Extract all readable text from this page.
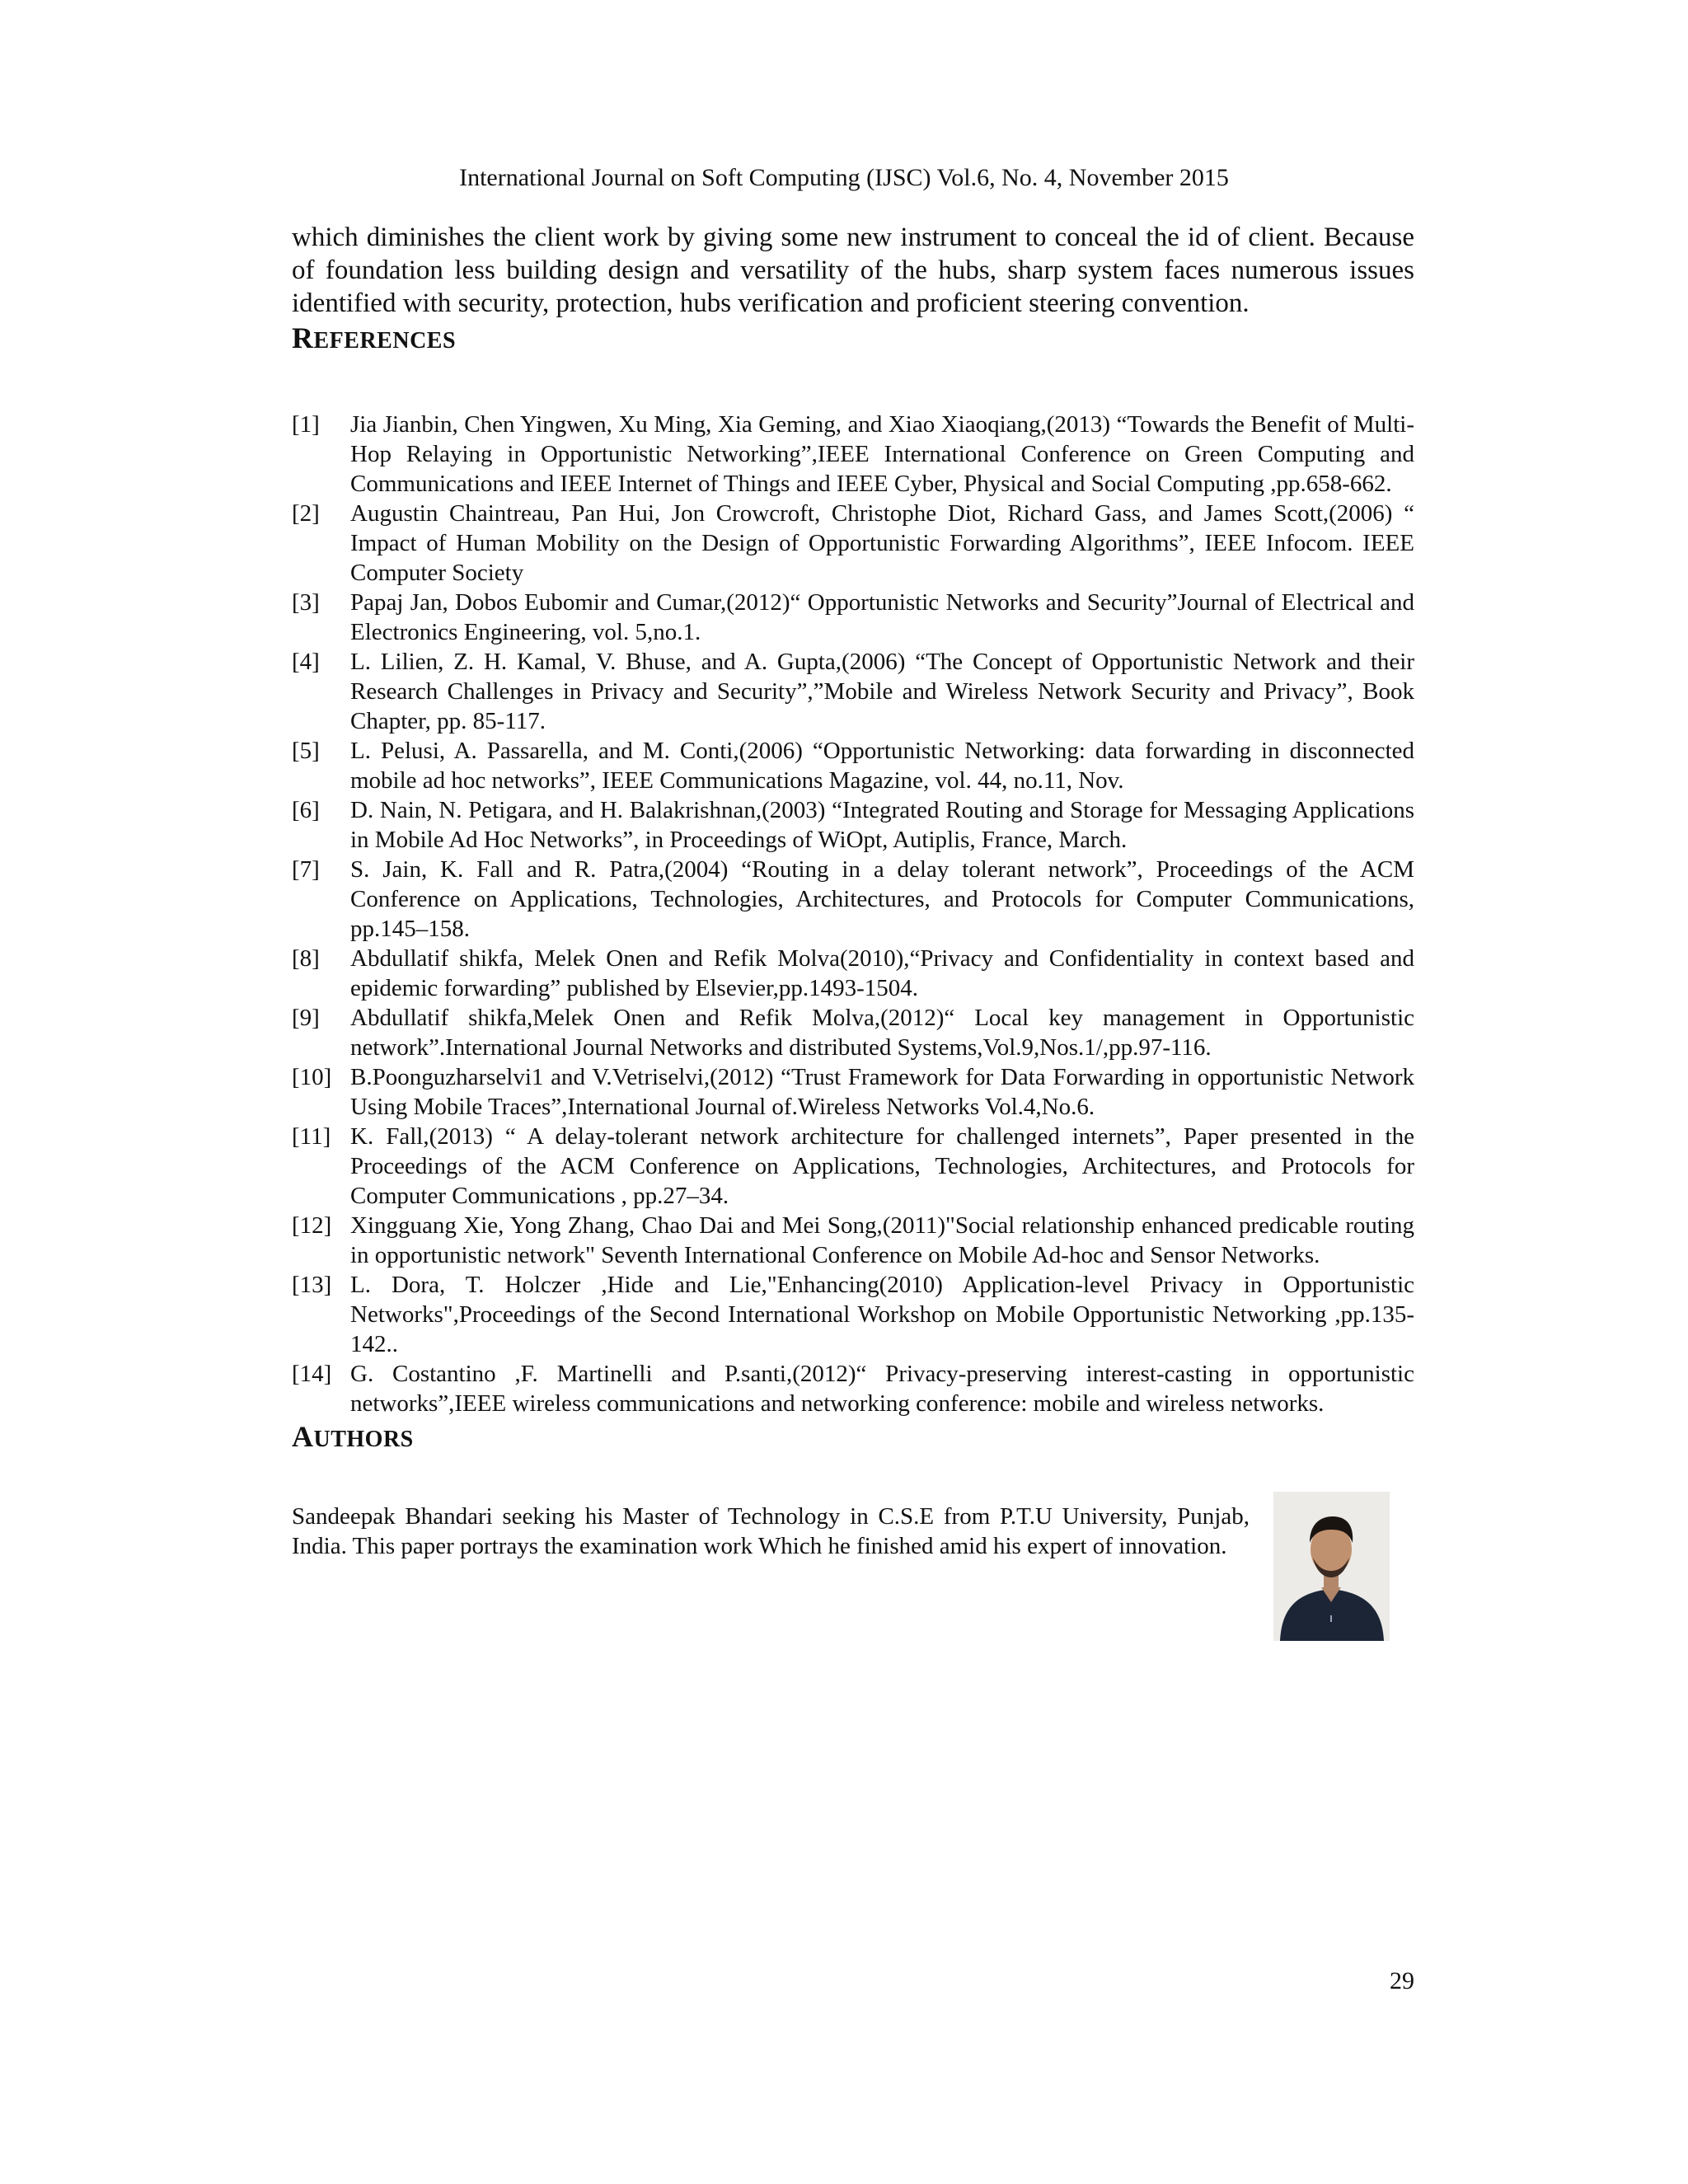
International Journal on Soft Computing (IJSC) Vol.6, No. 4, November 2015

which diminishes the client work by giving some new instrument to conceal the id of client. Because of foundation less building design and versatility of the hubs, sharp system faces numerous issues identified with security, protection, hubs verification and proficient steering convention.

REFERENCES
[1] Jia Jianbin, Chen Yingwen, Xu Ming, Xia Geming, and Xiao Xiaoqiang,(2013) “Towards the Benefit of Multi-Hop Relaying in Opportunistic Networking”,IEEE International Conference on Green Computing and Communications and IEEE Internet of Things and IEEE Cyber, Physical and Social Computing ,pp.658-662.
[2] Augustin Chaintreau, Pan Hui, Jon Crowcroft, Christophe Diot, Richard Gass, and James Scott,(2006) “ Impact of Human Mobility on the Design of Opportunistic Forwarding Algorithms”, IEEE Infocom. IEEE Computer Society
[3] Papaj Jan, Dobos Eubomir and Cumar,(2012)“ Opportunistic Networks and Security”Journal of Electrical and Electronics Engineering, vol. 5,no.1.
[4] L. Lilien, Z. H. Kamal, V. Bhuse, and A. Gupta,(2006) “The Concept of Opportunistic Network and their Research Challenges in Privacy and Security”,”Mobile and Wireless Network Security and Privacy”, Book Chapter, pp. 85-117.
[5] L. Pelusi, A. Passarella, and M. Conti,(2006) “Opportunistic Networking: data forwarding in disconnected mobile ad hoc networks”, IEEE Communications Magazine, vol. 44, no.11, Nov.
[6] D. Nain, N. Petigara, and H. Balakrishnan,(2003) “Integrated Routing and Storage for Messaging Applications in Mobile Ad Hoc Networks”, in Proceedings of WiOpt, Autiplis, France, March.
[7] S. Jain, K. Fall and R. Patra,(2004) “Routing in a delay tolerant network”, Proceedings of the ACM Conference on Applications, Technologies, Architectures, and Protocols for Computer Communications, pp.145–158.
[8] Abdullatif shikfa, Melek Onen and Refik Molva(2010),“Privacy and Confidentiality in context based and epidemic forwarding” published by Elsevier,pp.1493-1504.
[9] Abdullatif shikfa,Melek Onen and Refik Molva,(2012)“ Local key management in Opportunistic network”.International Journal Networks and distributed Systems,Vol.9,Nos.1/,pp.97-116.
[10] B.Poonguzharselvi1 and V.Vetriselvi,(2012) “Trust Framework for Data Forwarding in opportunistic Network Using Mobile Traces”,International Journal of.Wireless Networks Vol.4,No.6.
[11] K. Fall,(2013) “ A delay-tolerant network architecture for challenged internets”, Paper presented in the Proceedings of the ACM Conference on Applications, Technologies, Architectures, and Protocols for Computer Communications , pp.27–34.
[12] Xingguang Xie, Yong Zhang, Chao Dai and Mei Song,(2011)"Social relationship enhanced predicable routing in opportunistic network" Seventh International Conference on Mobile Ad-hoc and Sensor Networks.
[13] L. Dora, T. Holczer ,Hide and Lie,"Enhancing(2010) Application-level Privacy in Opportunistic Networks",Proceedings of the Second International Workshop on Mobile Opportunistic Networking ,pp.135-142..
[14] G. Costantino ,F. Martinelli and P.santi,(2012)“ Privacy-preserving interest-casting in opportunistic networks”,IEEE wireless communications and networking conference: mobile and wireless networks.
AUTHORS

Sandeepak Bhandari seeking his Master of Technology in C.S.E from P.T.U University, Punjab, India. This paper portrays the examination work Which he finished amid his expert of innovation.

29
